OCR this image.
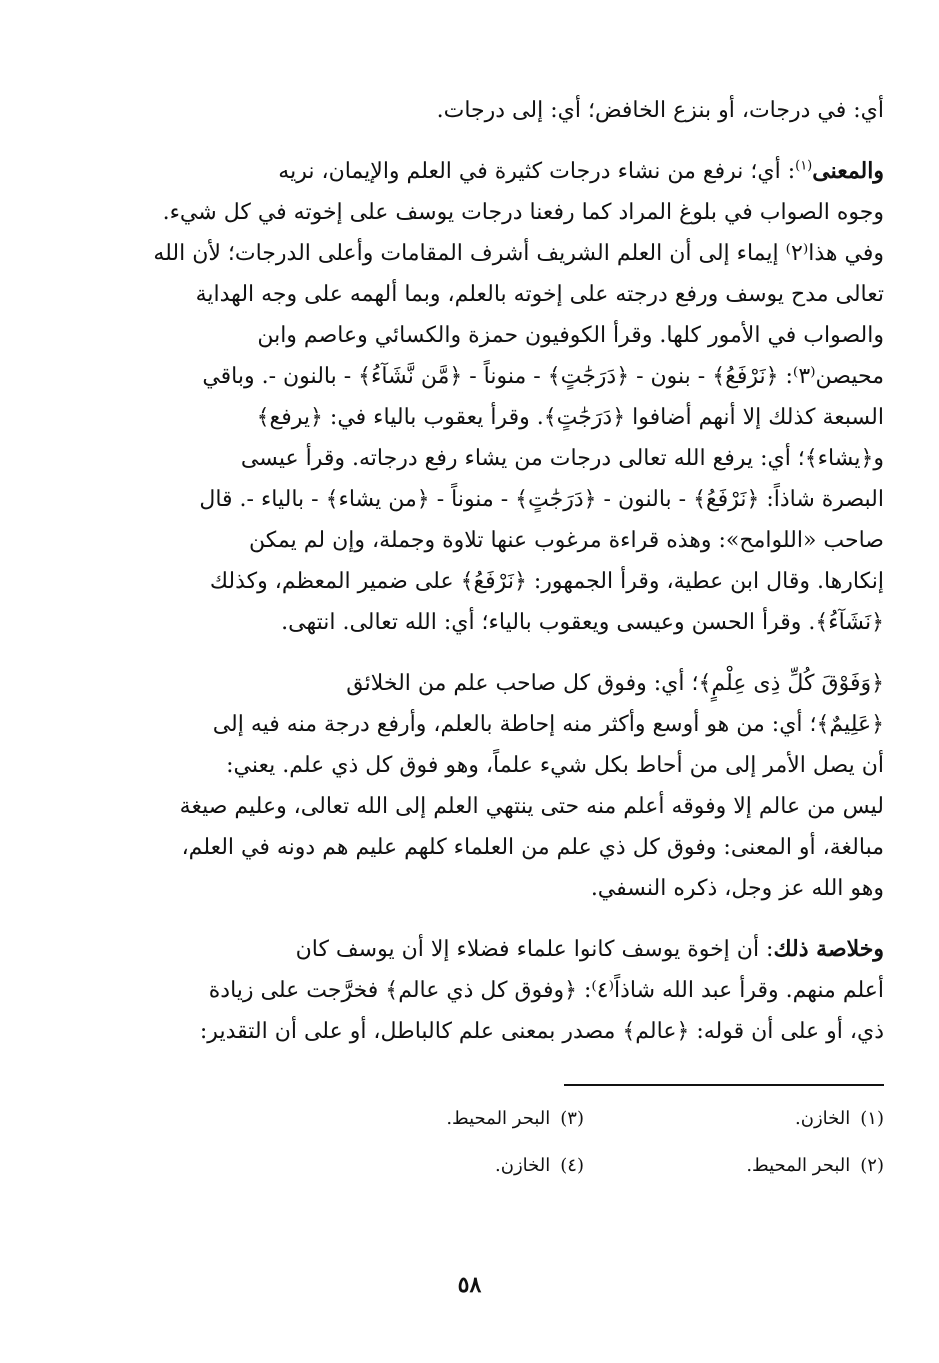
أي: في درجات، أو بنزع الخافض؛ أي: إلى درجات.

والمعنى$^{(١)}$: أي؛ نرفع من نشاء درجات كثيرة في العلم والإيمان، نريه

وجوه الصواب في بلوغ المراد كما رفعنا درجات يوسف على إخوته في كل شيء.

وفي هذا⁽٢⁾ إيماء إلى أن العلم الشريف أشرف المقامات وأعلى الدرجات؛ لأن الله

تعالى مدح يوسف ورفع درجته على إخوته بالعلم، وبما ألهمه على وجه الهداية

والصواب في الأمور كلها. وقرأ الكوفيون حمزة والكسائي وعاصم وابن

محيصن⁽٣⁾: ﴿نَرْفَعُ﴾ - بنون - ﴿دَرَجَٰتٍ﴾ - منوناً - ﴿مَّن نَّشَآءُ﴾ - بالنون -. وباقي

السبعة كذلك إلا أنهم أضافوا ﴿دَرَجَٰتٍ﴾. وقرأ يعقوب بالياء في: ﴿يرفع﴾

و﴿يشاء﴾؛ أي: يرفع الله تعالى درجات من يشاء رفع درجاته. وقرأ عيسى

البصرة شاذاً: ﴿نَرْفَعُ﴾ - بالنون - ﴿دَرَجَٰتٍ﴾ - منوناً - ﴿من يشاء﴾ - بالياء -. قال

صاحب «اللوامح»: وهذه قراءة مرغوب عنها تلاوة وجملة، وإن لم يمكن

إنكارها. وقال ابن عطية، وقرأ الجمهور: ﴿نَرْفَعُ﴾ على ضمير المعظم، وكذلك

﴿نَشَآءُ﴾. وقرأ الحسن وعيسى ويعقوب بالياء؛ أي: الله تعالى. انتهى.

﴿وَفَوْقَ كُلِّ ذِى عِلْمٍ﴾؛ أي: وفوق كل صاحب علم من الخلائق

﴿عَلِيمٌ﴾؛ أي: من هو أوسع وأكثر منه إحاطة بالعلم، وأرفع درجة منه فيه إلى

أن يصل الأمر إلى من أحاط بكل شيء علماً، وهو فوق كل ذي علم. يعني:

ليس من عالم إلا وفوقه أعلم منه حتى ينتهي العلم إلى الله تعالى، وعليم صيغة

مبالغة، أو المعنى: وفوق كل ذي علم من العلماء كلهم عليم هم دونه في العلم،

وهو الله عز وجل، ذكره النسفي.

وخلاصة ذلك: أن إخوة يوسف كانوا علماء فضلاء إلا أن يوسف كان

أعلم منهم. وقرأ عبد الله شاذاً⁽٤⁾: ﴿وفوق كل ذي عالم﴾ فخرَّجت على زيادة

ذي، أو على أن قوله: ﴿عالم﴾ مصدر بمعنى علم كالباطل، أو على أن التقدير:

(١)الخازن.
(٣)البحر المحيط.
(٢)البحر المحيط.
(٤)الخازن.
٥٨
